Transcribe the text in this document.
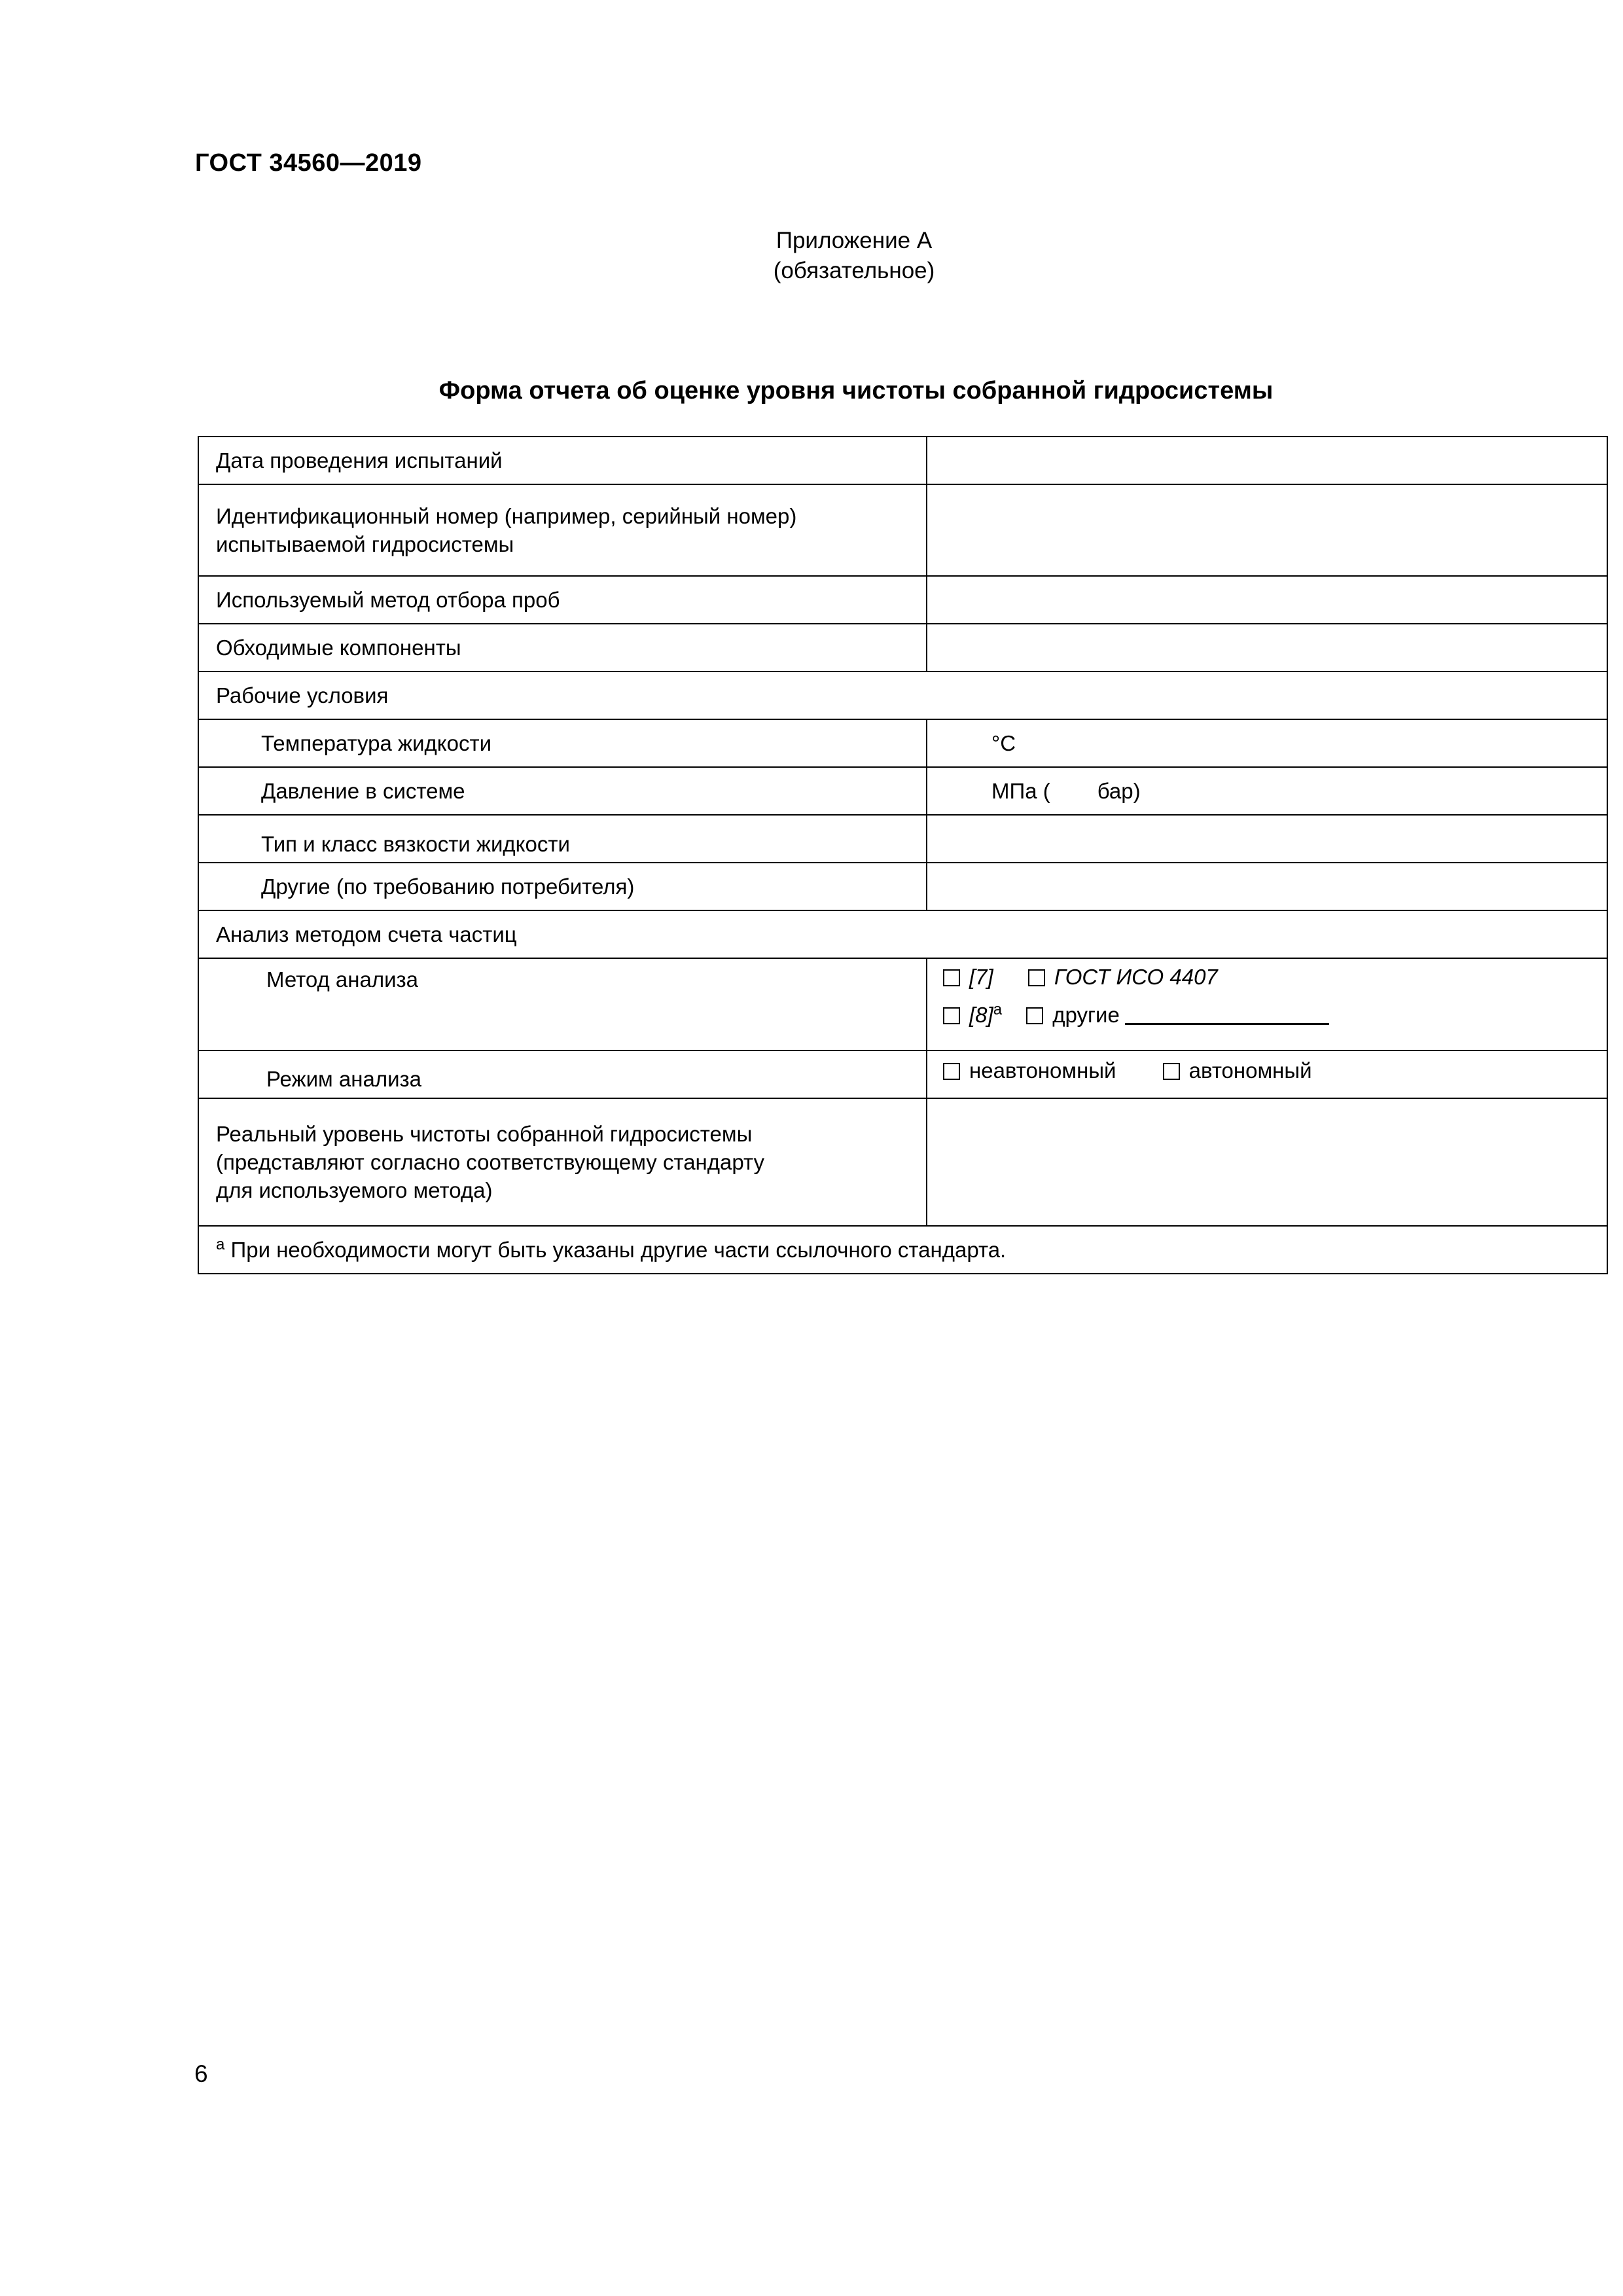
ГОСТ 34560—2019
Приложение А
(обязательное)
Форма отчета об оценке уровня чистоты собранной гидросистемы
Дата проведения испытаний	

Идентификационный номер (например, серийный номер) испытываемой гидросистемы	

Используемый метод отбора проб	
Обходимые компоненты	
Рабочие условия	
Температура жидкости	°С
Давление в системе	МПа ( бар)
Тип и класс вязкости жидкости	
Другие (по требованию потребителя)	
Анализ методом счета частиц	
Метод анализа	[7] ГОСТ ИСО 4407
$[8]^а$ другие

Режим анализа	неавтономный автономный

Реальный уровень чистоты собранной гидросистемы (представляют согласно соответствующему стандарту для используемого метода)	

$^а$ При необходимости могут быть указаны другие части ссылочного стандарта.	
6
